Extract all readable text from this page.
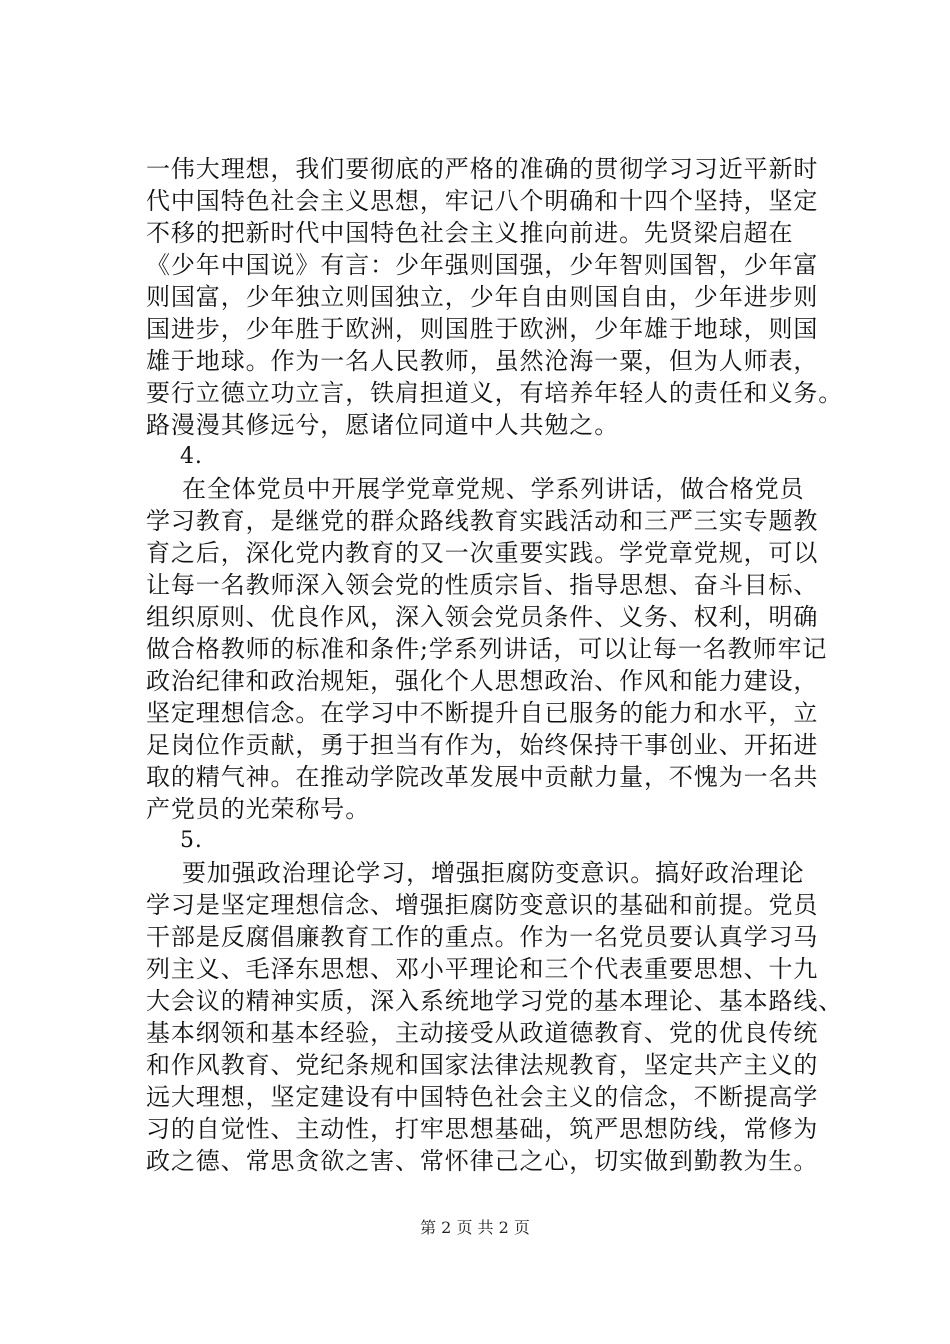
一伟大理想，我们要彻底的严格的准确的贯彻学习习近平新时
代中国特色社会主义思想，牢记八个明确和十四个坚持，坚定
不移的把新时代中国特色社会主义推向前进。先贤梁启超在
《少年中国说》有言：少年强则国强，少年智则国智，少年富
则国富，少年独立则国独立，少年自由则国自由，少年进步则
国进步，少年胜于欧洲，则国胜于欧洲，少年雄于地球，则国
雄于地球。作为一名人民教师，虽然沧海一粟，但为人师表，
要行立德立功立言，铁肩担道义，有培养年轻人的责任和义务。
路漫漫其修远兮，愿诸位同道中人共勉之。
4.
在全体党员中开展学党章党规、学系列讲话，做合格党员
学习教育，是继党的群众路线教育实践活动和三严三实专题教
育之后，深化党内教育的又一次重要实践。学党章党规，可以
让每一名教师深入领会党的性质宗旨、指导思想、奋斗目标、
组织原则、优良作风，深入领会党员条件、义务、权利，明确
做合格教师的标准和条件;学系列讲话，可以让每一名教师牢记
政治纪律和政治规矩，强化个人思想政治、作风和能力建设，
坚定理想信念。在学习中不断提升自已服务的能力和水平，立
足岗位作贡献，勇于担当有作为，始终保持干事创业、开拓进
取的精气神。在推动学院改革发展中贡献力量，不愧为一名共
产党员的光荣称号。
5.
要加强政治理论学习，增强拒腐防变意识。搞好政治理论
学习是坚定理想信念、增强拒腐防变意识的基础和前提。党员
干部是反腐倡廉教育工作的重点。作为一名党员要认真学习马
列主义、毛泽东思想、邓小平理论和三个代表重要思想、十九
大会议的精神实质，深入系统地学习党的基本理论、基本路线、
基本纲领和基本经验，主动接受从政道德教育、党的优良传统
和作风教育、党纪条规和国家法律法规教育，坚定共产主义的
远大理想，坚定建设有中国特色社会主义的信念，不断提高学
习的自觉性、主动性，打牢思想基础，筑严思想防线，常修为
政之德、常思贪欲之害、常怀律己之心，切实做到勤教为生。
第 2 页 共 2 页
